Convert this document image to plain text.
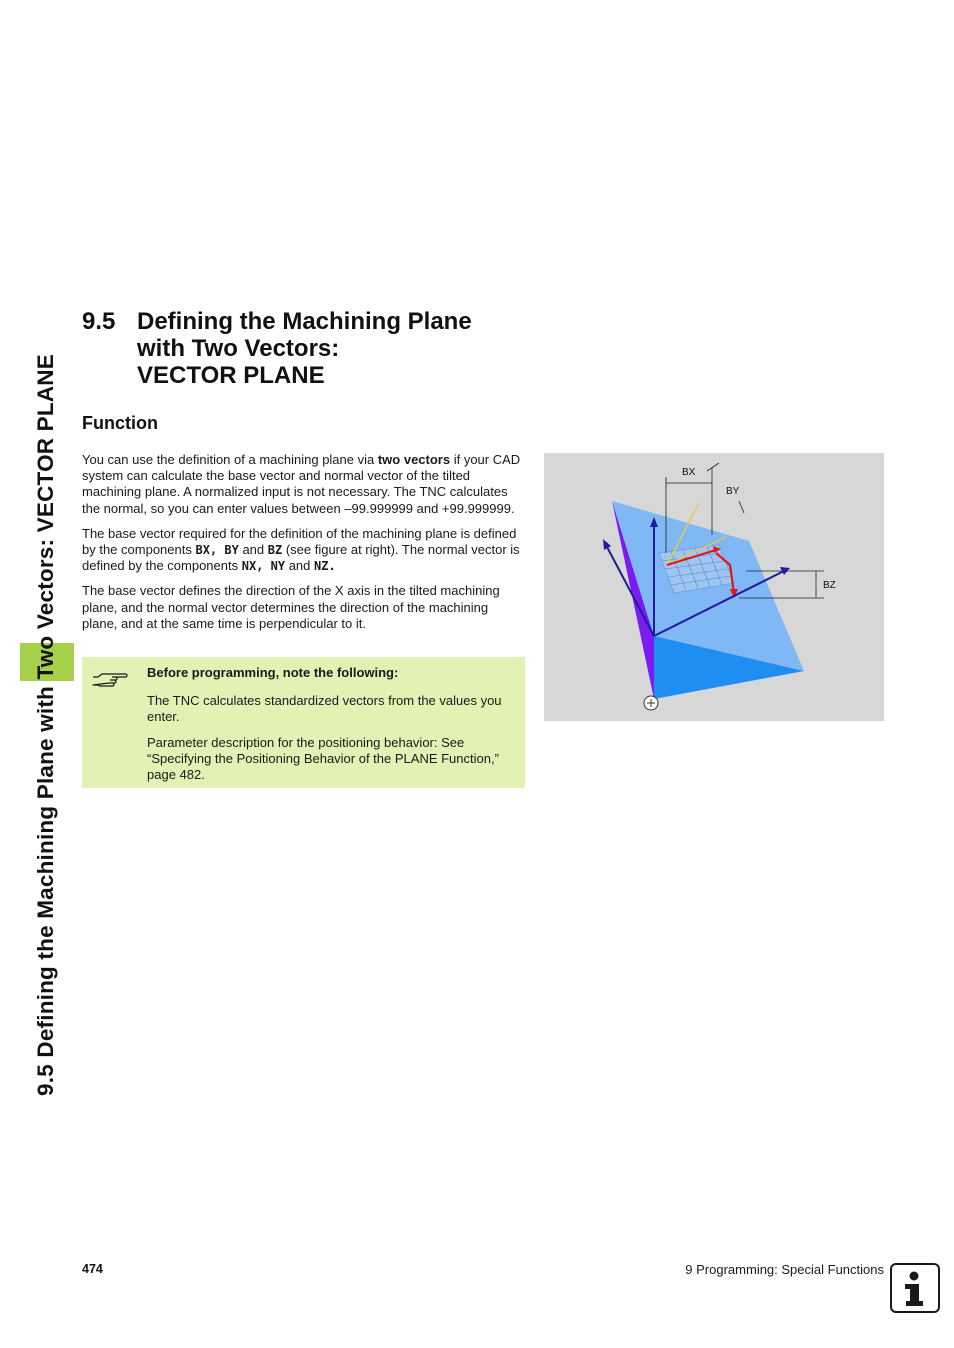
9.5 Defining the Machining Plane with Two Vectors: VECTOR PLANE
9.5 Defining the Machining Plane
with Two Vectors:
VECTOR PLANE
Function

You can use the definition of a machining plane via two vectors if your CAD system can calculate the base vector and normal vector of the tilted machining plane. A normalized input is not necessary. The TNC calculates the normal, so you can enter values between –99.999999 and +99.999999.

The base vector required for the definition of the machining plane is defined by the components BX, BY and BZ (see figure at right). The normal vector is defined by the components NX, NY and NZ.

The base vector defines the direction of the X axis in the tilted machining plane, and the normal vector determines the direction of the machining plane, and at the same time is perpendicular to it.

Before programming, note the following:

The TNC calculates standardized vectors from the values you enter.

Parameter description for the positioning behavior: See “Specifying the Positioning Behavior of the PLANE Function,” page 482.

BX
BY
BZ
474	9 Programming: Special Functions
